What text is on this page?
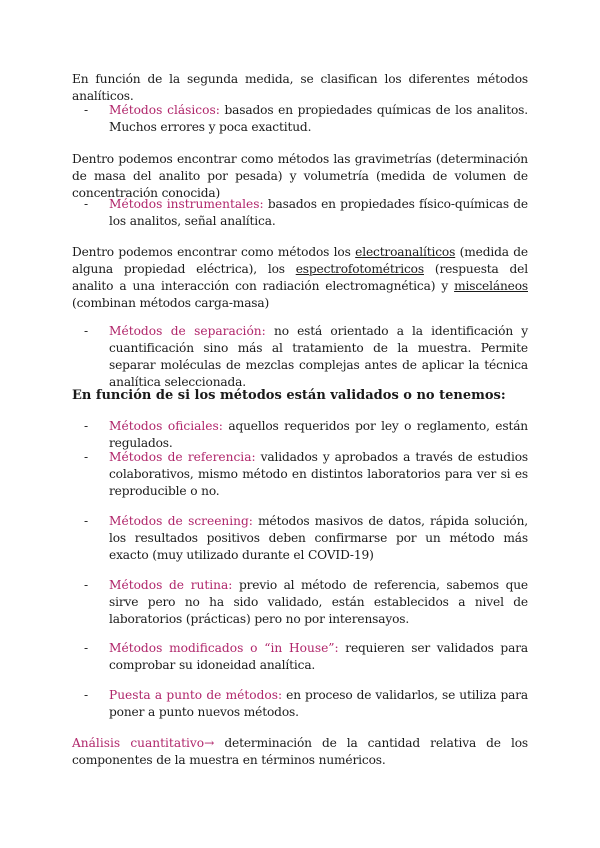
En función de la segunda medida, se clasifican los diferentes métodos analíticos.
-	Métodos clásicos: basados en propiedades químicas de los analitos. Muchos errores y poca exactitud.
Dentro podemos encontrar como métodos las gravimetrías (determinación de masa del analito por pesada) y volumetría (medida de volumen de concentración conocida)
-	Métodos instrumentales: basados en propiedades físico-químicas de los analitos, señal analítica.
Dentro podemos encontrar como métodos los electroanalíticos (medida de alguna propiedad eléctrica), los espectrofotométricos (respuesta del analito a una interacción con radiación electromagnética) y misceláneos (combinan métodos carga-masa)
-	Métodos de separación: no está orientado a la identificación y cuantificación sino más al tratamiento de la muestra. Permite separar moléculas de mezclas complejas antes de aplicar la técnica analítica seleccionada.
En función de si los métodos están validados o no tenemos:
-	Métodos oficiales: aquellos requeridos por ley o reglamento, están regulados.
-	Métodos de referencia: validados y aprobados a través de estudios colaborativos, mismo método en distintos laboratorios para ver si es reproducible o no.
-	Métodos de screening: métodos masivos de datos, rápida solución, los resultados positivos deben confirmarse por un método más exacto (muy utilizado durante el COVID-19)
-	Métodos de rutina: previo al método de referencia, sabemos que sirve pero no ha sido validado, están establecidos a nivel de laboratorios (prácticas) pero no por interensayos.
-	Métodos modificados o “in House”: requieren ser validados para comprobar su idoneidad analítica.
-	Puesta a punto de métodos: en proceso de validarlos, se utiliza para poner a punto nuevos métodos.
Análisis cuantitativo→ determinación de la cantidad relativa de los componentes de la muestra en términos numéricos.
